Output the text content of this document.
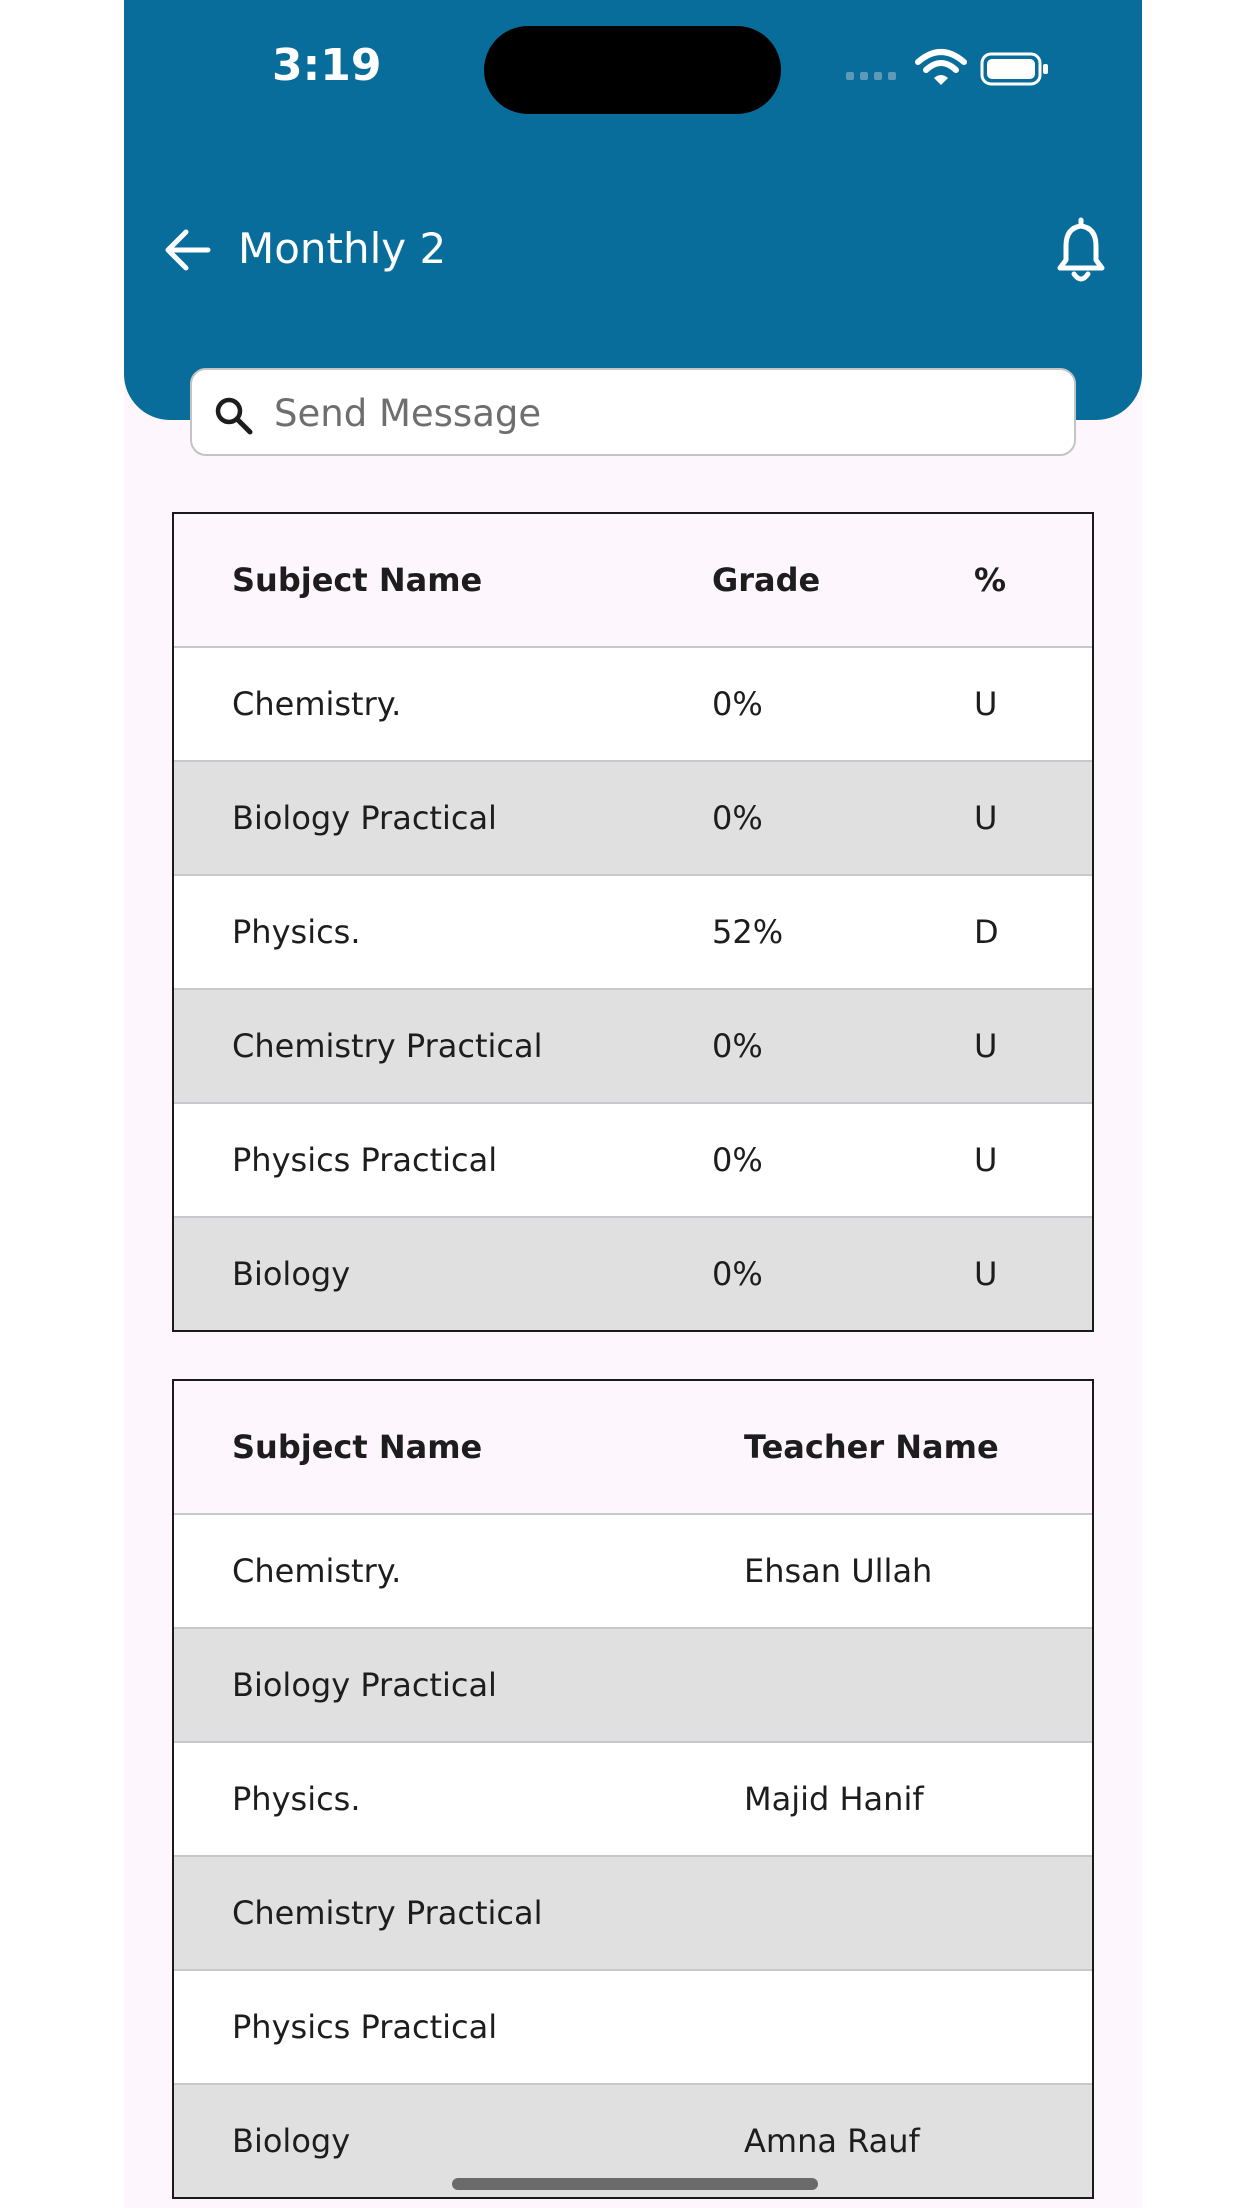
3:19
Monthly 2
Send Message
Subject Name	Grade	%
Chemistry.	0%	U
Biology Practical	0%	U
Physics.	52%	D
Chemistry Practical	0%	U
Physics Practical	0%	U
Biology	0%	U
Subject Name	Teacher Name
Chemistry.	Ehsan Ullah
Biology Practical
Physics.	Majid Hanif
Chemistry Practical
Physics Practical
Biology	Amna Rauf
